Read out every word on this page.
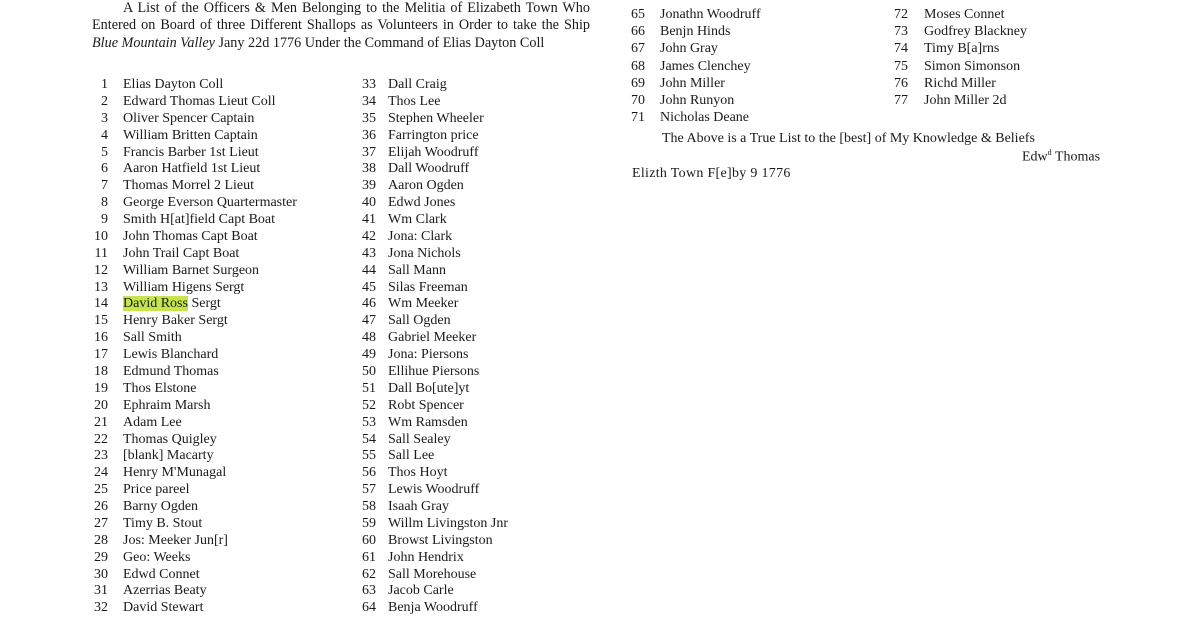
A List of the Officers & Men Belonging to the Melitia of Elizabeth Town Who Entered on Board of three Different Shallops as Volunteers in Order to take the Ship Blue Mountain Valley Jany 22d 1776 Under the Command of Elias Dayton Coll
1 Elias Dayton Coll
2 Edward Thomas Lieut Coll
3 Oliver Spencer Captain
4 William Britten Captain
5 Francis Barber 1st Lieut
6 Aaron Hatfield 1st Lieut
7 Thomas Morrel 2 Lieut
8 George Everson Quartermaster
9 Smith H[at]field Capt Boat
10 John Thomas Capt Boat
11 John Trail Capt Boat
12 William Barnet Surgeon
13 William Higens Sergt
14 David Ross Sergt
15 Henry Baker Sergt
16 Sall Smith
17 Lewis Blanchard
18 Edmund Thomas
19 Thos Elstone
20 Ephraim Marsh
21 Adam Lee
22 Thomas Quigley
23 [blank] Macarty
24 Henry M'Munagal
25 Price pareel
26 Barny Ogden
27 Timy B. Stout
28 Jos: Meeker Jun[r]
29 Geo: Weeks
30 Edwd Connet
31 Azerrias Beaty
32 David Stewart
33 Dall Craig
34 Thos Lee
35 Stephen Wheeler
36 Farrington price
37 Elijah Woodruff
38 Dall Woodruff
39 Aaron Ogden
40 Edwd Jones
41 Wm Clark
42 Jona: Clark
43 Jona Nichols
44 Sall Mann
45 Silas Freeman
46 Wm Meeker
47 Sall Ogden
48 Gabriel Meeker
49 Jona: Piersons
50 Ellihue Piersons
51 Dall Bo[ute]yt
52 Robt Spencer
53 Wm Ramsden
54 Sall Sealey
55 Sall Lee
56 Thos Hoyt
57 Lewis Woodruff
58 Isaah Gray
59 Willm Livingston Jnr
60 Browst Livingston
61 John Hendrix
62 Sall Morehouse
63 Jacob Carle
64 Benja Woodruff
65 Jonathn Woodruff
66 Benjn Hinds
67 John Gray
68 James Clenchey
69 John Miller
70 John Runyon
71 Nicholas Deane
72 Moses Connet
73 Godfrey Blackney
74 Timy B[a]rns
75 Simon Simonson
76 Richd Miller
77 John Miller 2d
The Above is a True List to the [best] of My Knowledge & Beliefs
Edw$^d$ Thomas
Elizth Town F[e]by 9 1776
